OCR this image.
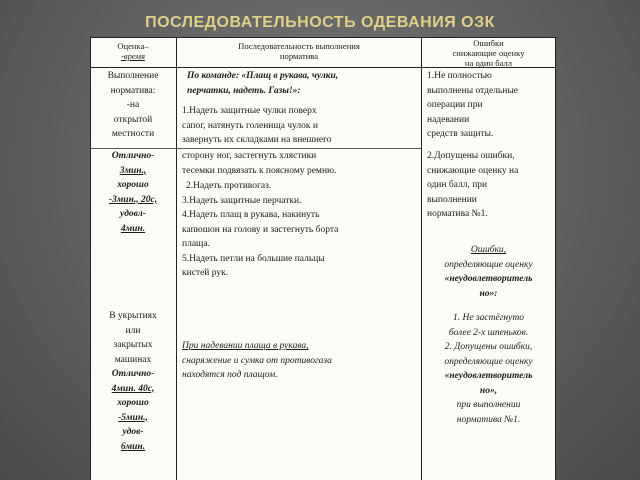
ПОСЛЕДОВАТЕЛЬНОСТЬ ОДЕВАНИЯ ОЗК
Оценка–
-время
Последовательность выполнения
норматива
Ошибки
снижающие оценку
на один балл
Выполнение
норматива:
-на
открытой
местности
Отлично-
3мин.,
хорошо
-3мин., 20с,
удовл-
4мин.
В укрытиях
или
закрытых
машинах
Отлично-
4мин. 40с,
хорошо
-5мин.,
удов-
6мин.
По команде: «Плащ в рукава, чулки,
перчатки, надеть. Газы!»:
1.Надеть защитные чулки поверх
сапог, натянуть голенища чулок и
завернуть их складками на внешнего
сторону ног, застегнуть хлястики
тесемки подвязать к поясному ремню.
2.Надеть противогаз.
3.Надеть защитные перчатки.
4.Надеть плащ в рукава, накинуть
капюшон на голову и застегнуть борта
плаща.
5.Надеть петли на большие пальцы
кистей рук.
При надевании плаща в рукава,
снаряжение и сумка от противогаза
находятся под плащом.
1.Не полностью
выполнены отдельные
операции при
надевании
средств защиты.
2.Допущены ошибки,
снижающие оценку на
один балл, при
выполнении
норматива №1.
Ошибки,
определяющие оценку
«неудовлетворитель
но»:
1. Не застёгнуто
более 2-х шпеньков.
2. Допущены ошибки,
определяющие оценку
«неудовлетворитель
но»,
при выполнении
норматива №1.
